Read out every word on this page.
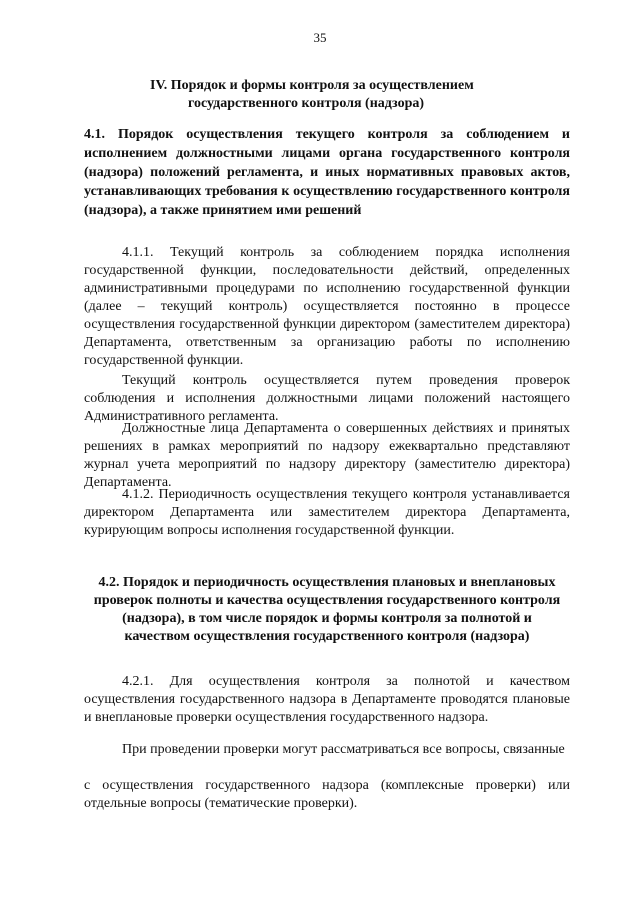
35
IV. Порядок и формы контроля за осуществлением
государственного контроля (надзора)
4.1. Порядок осуществления текущего контроля за соблюдением и исполнением должностными лицами органа государственного контроля (надзора) положений регламента, и иных нормативных правовых актов, устанавливающих требования к осуществлению государственного контроля (надзора), а также принятием ими решений

4.1.1. Текущий контроль за соблюдением порядка исполнения государственной функции, последовательности действий, определенных административными процедурами по исполнению государственной функции (далее – текущий контроль) осуществляется постоянно в процессе осуществления государственной функции директором (заместителем директора) Департамента, ответственным за организацию работы по исполнению государственной функции.

Текущий контроль осуществляется путем проведения проверок соблюдения и исполнения должностными лицами положений настоящего Административного регламента.

Должностные лица Департамента о совершенных действиях и принятых решениях в рамках мероприятий по надзору ежеквартально представляют журнал учета мероприятий по надзору директору (заместителю директора) Департамента.

4.1.2. Периодичность осуществления текущего контроля устанавливается директором Департамента или заместителем директора Департамента, курирующим вопросы исполнения государственной функции.

4.2. Порядок и периодичность осуществления плановых и внеплановых проверок полноты и качества осуществления государственного контроля (надзора), в том числе порядок и формы контроля за полнотой и качеством осуществления государственного контроля (надзора)

4.2.1. Для осуществления контроля за полнотой и качеством осуществления государственного надзора в Департаменте проводятся плановые и внеплановые проверки осуществления государственного надзора.

При проведении проверки могут рассматриваться все вопросы, связанные

с осуществления государственного надзора (комплексные проверки) или отдельные вопросы (тематические проверки).
